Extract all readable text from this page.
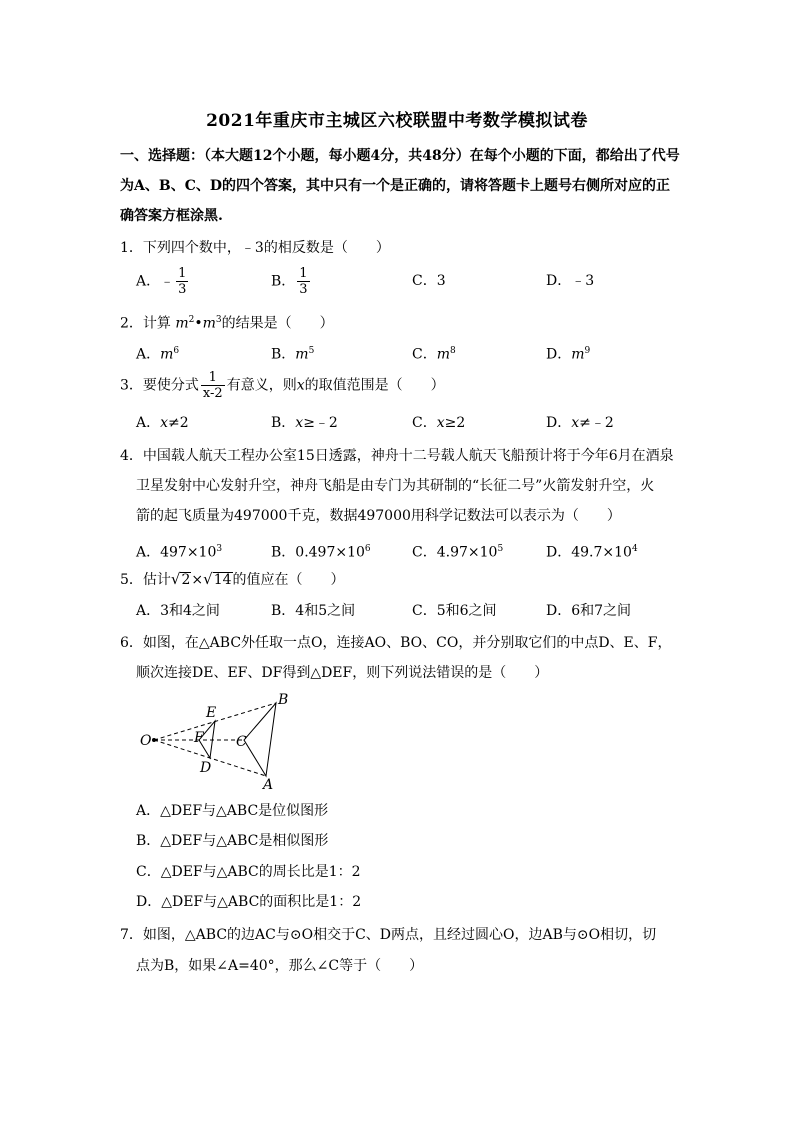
2021年重庆市主城区六校联盟中考数学模拟试卷
一、选择题：（本大题12个小题，每小题4分，共48分）在每个小题的下面，都给出了代号为A、B、C、D的四个答案，其中只有一个是正确的，请将答题卡上题号右侧所对应的正确答案方框涂黑.
1．下列四个数中，﹣3的相反数是（　　）
A．﹣ $\frac{1}{3}$	B． $\frac{1}{3}$	C．3	D．﹣3
2．计算 $m^2•m^3$的结果是（　　）
A．$m^6$	B．$m^5$	C．$m^8$	D．$m^9$
3．要使分式 $\frac{1}{x-2}$ 有意义，则x的取值范围是（　　）
A．x≠2	B．x≥﹣2	C．x≥2	D．x≠﹣2
4．中国载人航天工程办公室15日透露，神舟十二号载人航天飞船预计将于今年6月在酒泉
卫星发射中心发射升空，神舟飞船是由专门为其研制的“长征二号”火箭发射升空，火
箭的起飞质量为497000千克，数据497000用科学记数法可以表示为（　　）
A．$497\times 10^3$	B．$0.497\times 10^6$	C．$4.97\times 10^5$	D．$49.7\times 10^4$
5．估计√2×√14的值应在（　　）
A．3和4之间	B．4和5之间	C．5和6之间	D．6和7之间
6．如图，在△ABC外任取一点O，连接AO、BO、CO，并分别取它们的中点D、E、F，
顺次连接DE、EF、DF得到△DEF，则下列说法错误的是（　　）
O
E
F
D
C
B
A
A．△DEF与△ABC是位似图形
B．△DEF与△ABC是相似图形
C．△DEF与△ABC的周长比是1：2
D．△DEF与△ABC的面积比是1：2
7．如图，△ABC的边AC与⊙O相交于C、D两点，且经过圆心O，边AB与⊙O相切，切
点为B，如果∠A=40°，那么∠C等于（　　）
